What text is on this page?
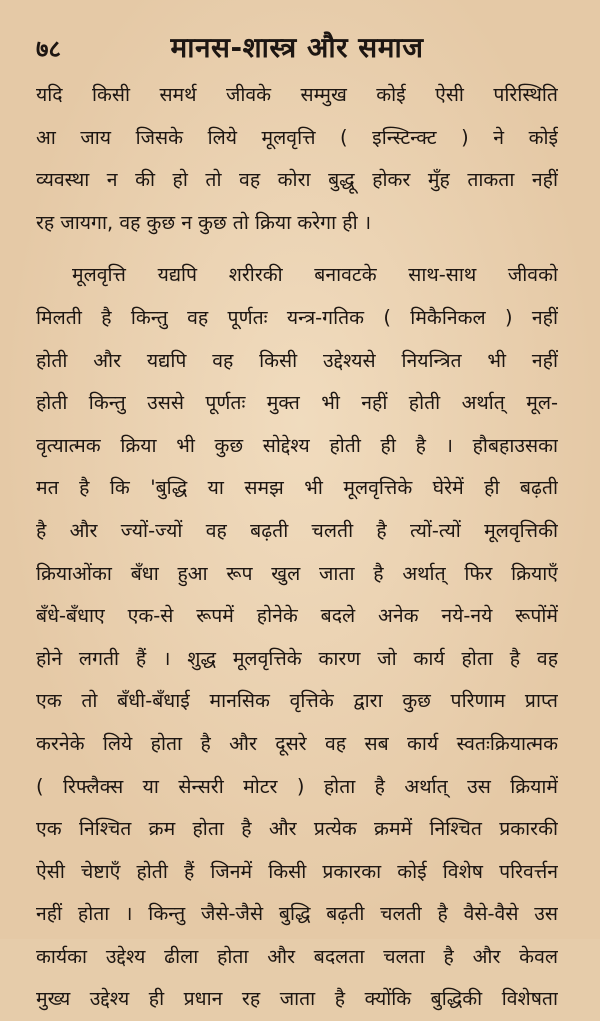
७८	मानस-शास्त्र और समाज
यदि किसी समर्थ जीवके सम्मुख कोई ऐसी परिस्थिति
आ जाय जिसके लिये मूलवृत्ति ( इन्स्टिन्क्ट ) ने कोई
व्यवस्था न की हो तो वह कोरा बुद्धू होकर मुँह ताकता नहीं
रह जायगा, वह कुछ न कुछ तो क्रिया करेगा ही ।
मूलवृत्ति यद्यपि शरीरकी बनावटके साथ-साथ जीवको
मिलती है किन्तु वह पूर्णतः यन्त्र-गतिक ( मिकैनिकल ) नहीं
होती और यद्यपि वह किसी उद्देश्यसे नियन्त्रित भी नहीं
होती किन्तु उससे पूर्णतः मुक्त भी नहीं होती अर्थात् मूल-
वृत्यात्मक क्रिया भी कुछ सोद्देश्य होती ही है । हौबहाउसका
मत है कि 'बुद्धि या समझ भी मूलवृत्तिके घेरेमें ही बढ़ती
है और ज्यों-ज्यों वह बढ़ती चलती है त्यों-त्यों मूलवृत्तिकी
क्रियाओंका बँधा हुआ रूप खुल जाता है अर्थात् फिर क्रियाएँ
बँधे-बँधाए एक-से रूपमें होनेके बदले अनेक नये-नये रूपोंमें
होने लगती हैं । शुद्ध मूलवृत्तिके कारण जो कार्य होता है वह
एक तो बँधी-बँधाई मानसिक वृत्तिके द्वारा कुछ परिणाम प्राप्त
करनेके लिये होता है और दूसरे वह सब कार्य स्वतःक्रियात्मक
( रिफ्लैक्स या सेन्सरी मोटर ) होता है अर्थात् उस क्रियामें
एक निश्चित क्रम होता है और प्रत्येक क्रममें निश्चित प्रकारकी
ऐसी चेष्टाएँ होती हैं जिनमें किसी प्रकारका कोई विशेष परिवर्त्तन
नहीं होता । किन्तु जैसे-जैसे बुद्धि बढ़ती चलती है वैसे-वैसे उस
कार्यका उद्देश्य ढीला होता और बदलता चलता है और केवल
मुख्य उद्देश्य ही प्रधान रह जाता है क्योंकि बुद्धिकी विशेषता
